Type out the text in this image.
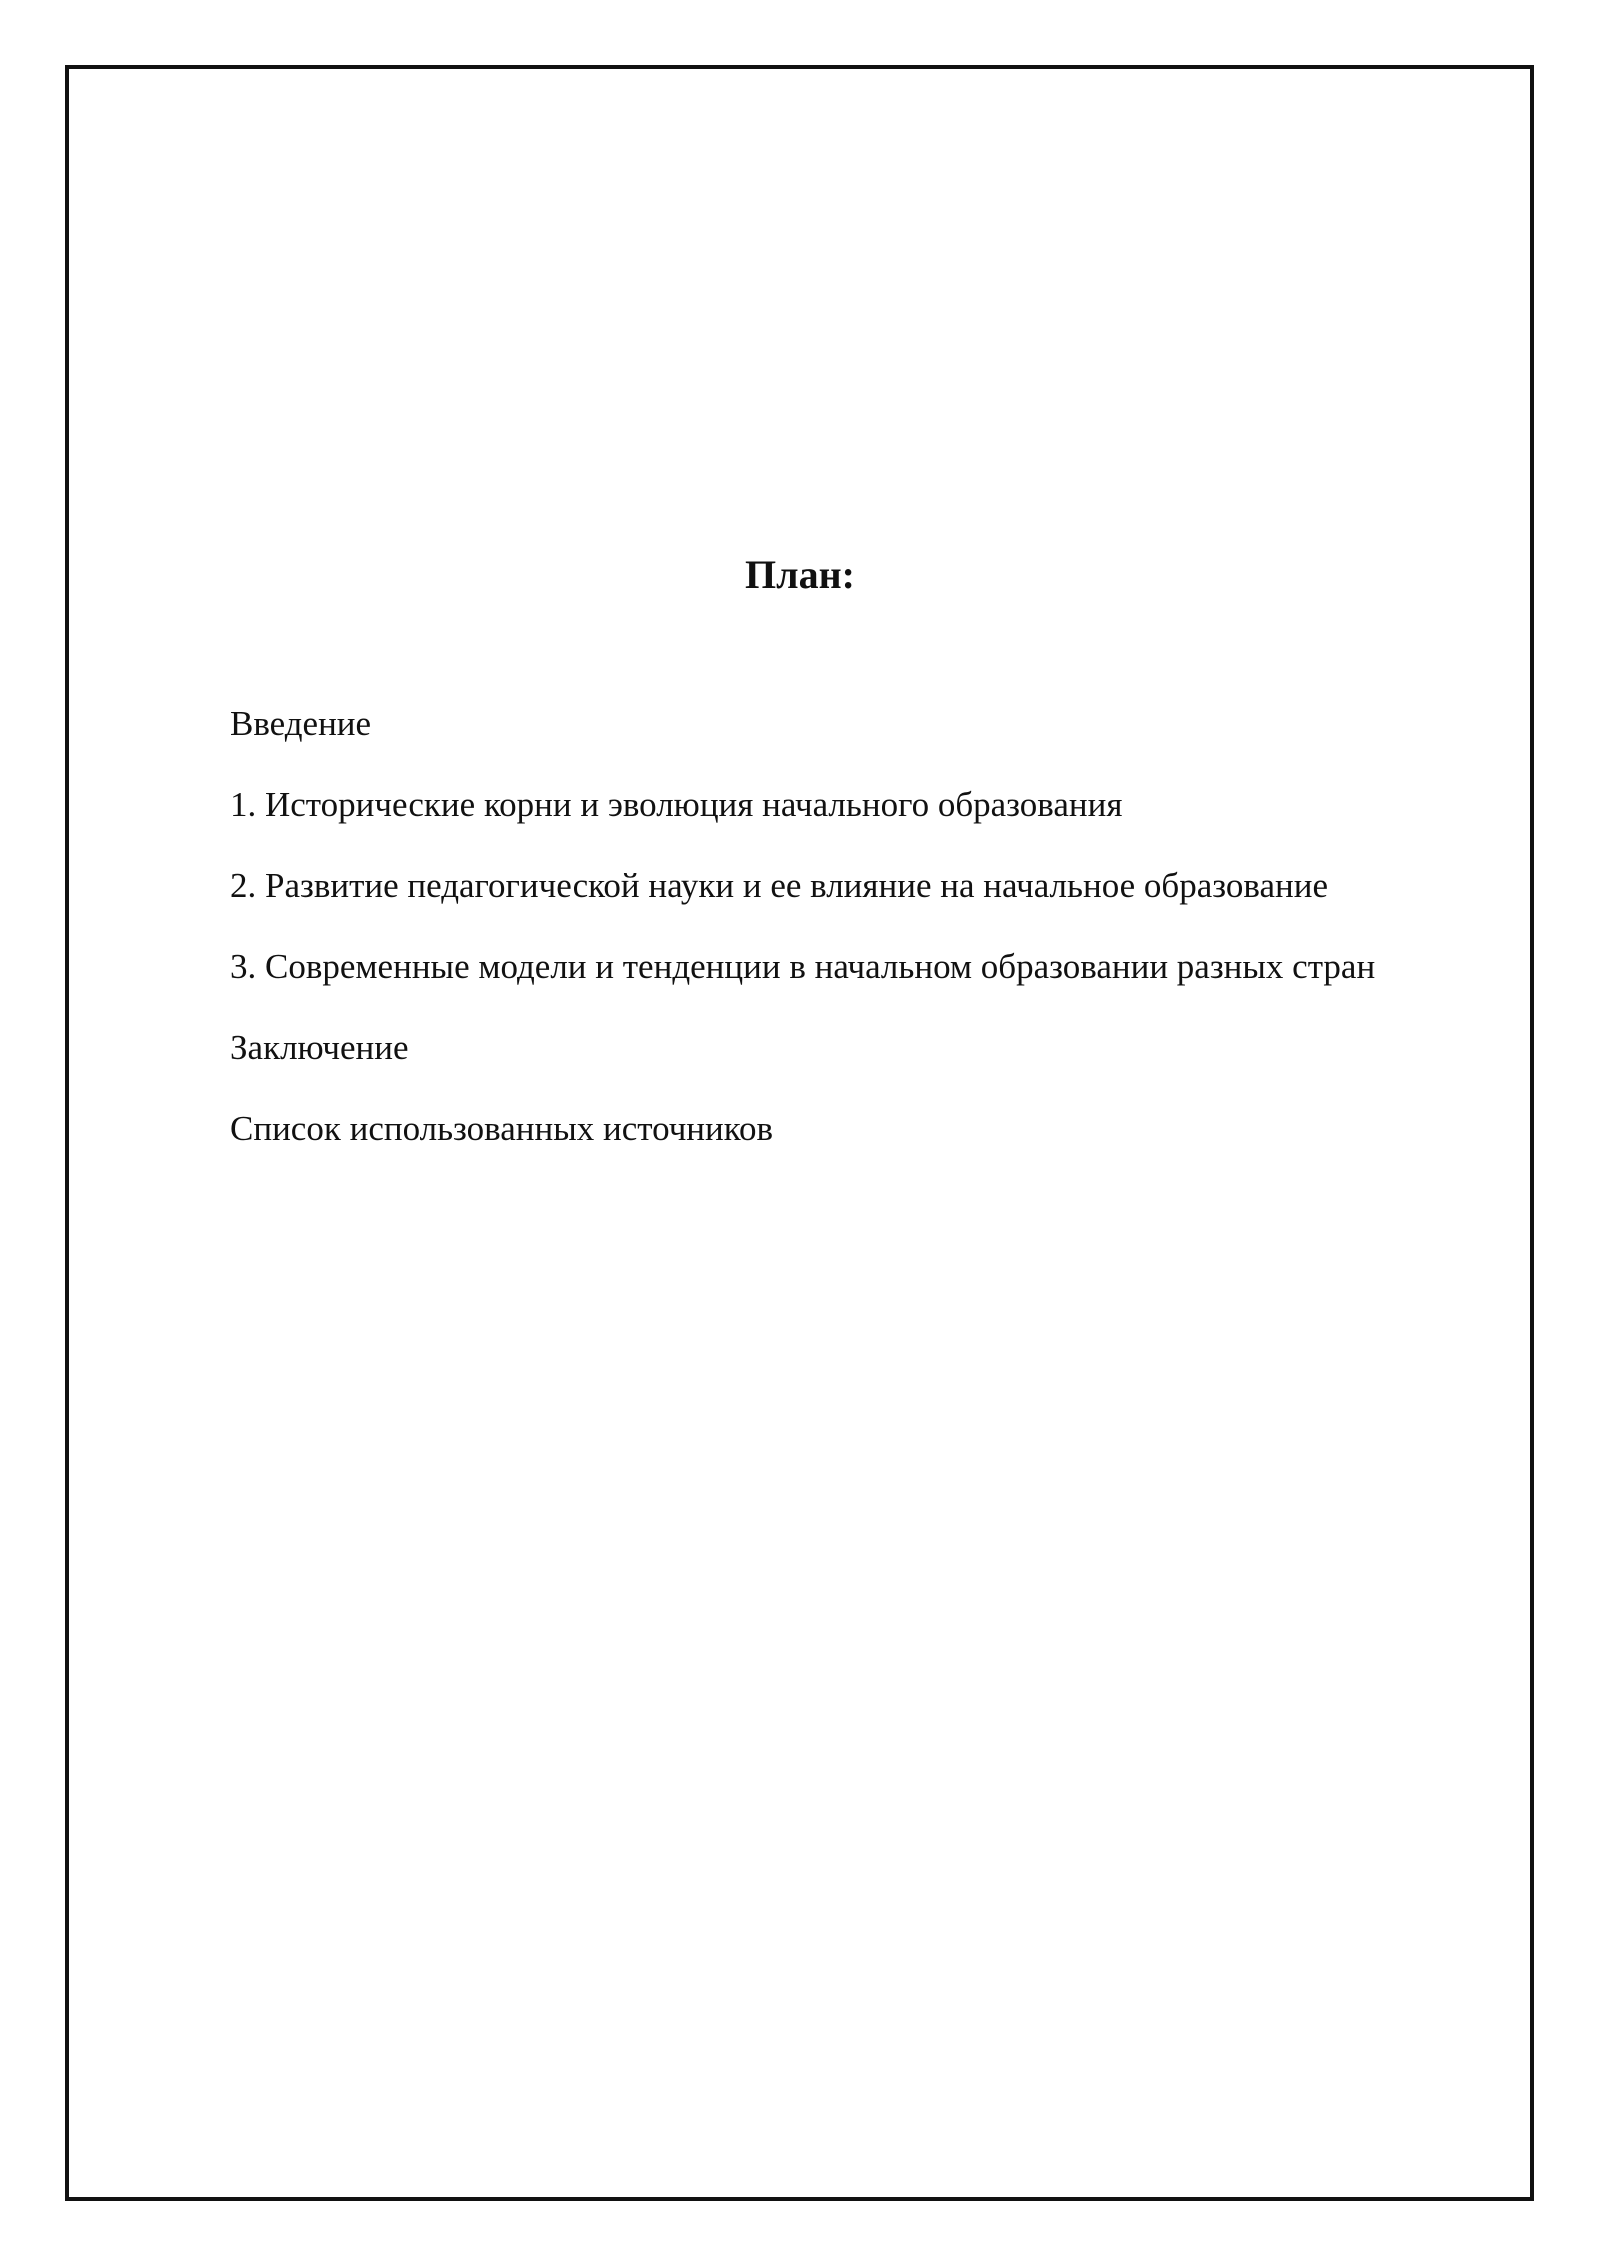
План:
Введение
1. Исторические корни и эволюция начального образования
2. Развитие педагогической науки и ее влияние на начальное образование
3. Современные модели и тенденции в начальном образовании разных стран
Заключение
Список использованных источников
